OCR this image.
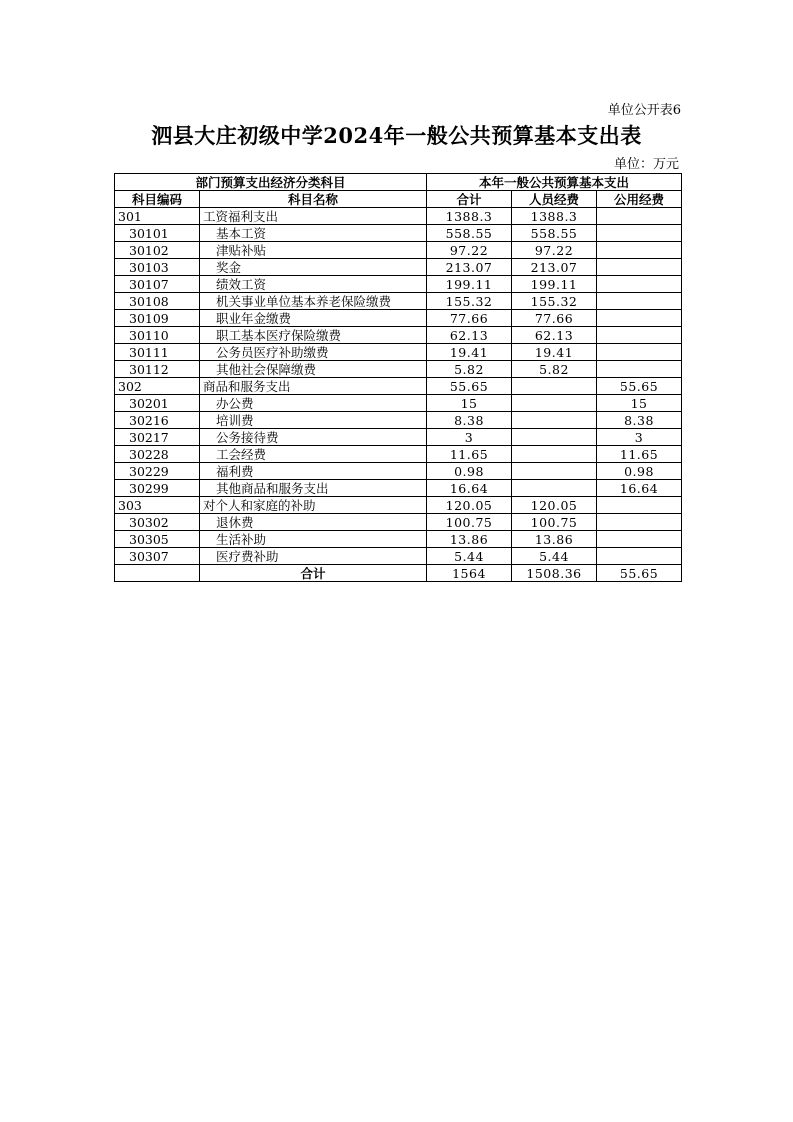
单位公开表6
泗县大庄初级中学2024年一般公共预算基本支出表
单位：万元
部门预算支出经济分类科目		本年一般公共预算基本支出		
科目编码	科目名称	合计	人员经费	公用经费
301	工资福利支出	1388.3	1388.3	
30101	基本工资	558.55	558.55	
30102	津贴补贴	97.22	97.22	
30103	奖金	213.07	213.07	
30107	绩效工资	199.11	199.11	
30108	机关事业单位基本养老保险缴费	155.32	155.32	
30109	职业年金缴费	77.66	77.66	
30110	职工基本医疗保险缴费	62.13	62.13	
30111	公务员医疗补助缴费	19.41	19.41	
30112	其他社会保障缴费	5.82	5.82	
302	商品和服务支出	55.65		55.65
30201	办公费	15		15
30216	培训费	8.38		8.38
30217	公务接待费	3		3
30228	工会经费	11.65		11.65
30229	福利费	0.98		0.98
30299	其他商品和服务支出	16.64		16.64
303	对个人和家庭的补助	120.05	120.05	
30302	退休费	100.75	100.75	
30305	生活补助	13.86	13.86	
30307	医疗费补助	5.44	5.44	
	合计	1564	1508.36	55.65
